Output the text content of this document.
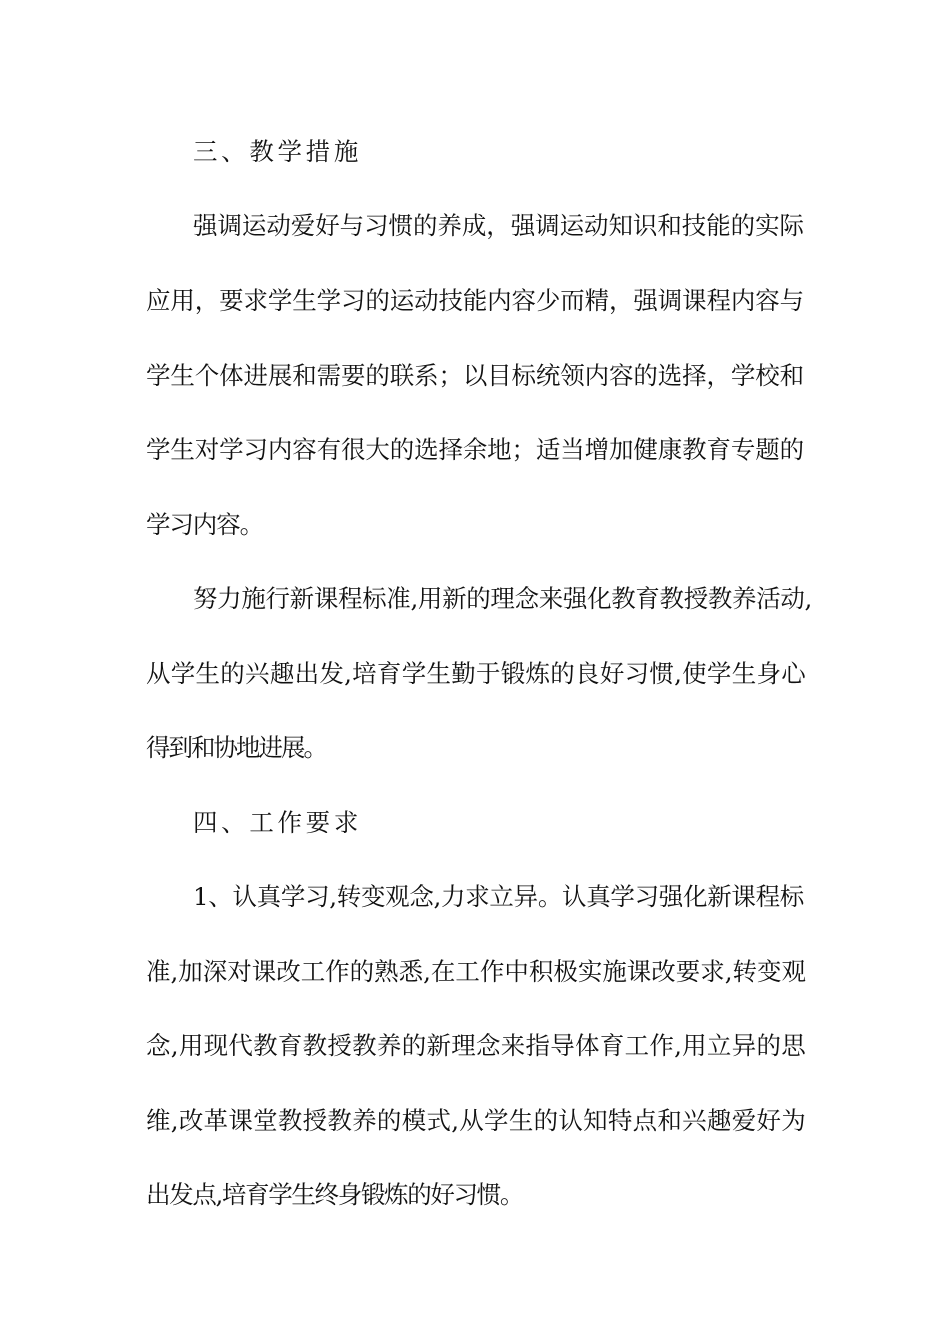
三、教学措施
强调运动爱好与习惯的养成，强调运动知识和技能的实际
应用，要求学生学习的运动技能内容少而精，强调课程内容与
学生个体进展和需要的联系；以目标统领内容的选择，学校和
学生对学习内容有很大的选择余地；适当增加健康教育专题的
学习内容。
努力施行新课程标准,用新的理念来强化教育教授教养活动,
从学生的兴趣出发,培育学生勤于锻炼的良好习惯,使学生身心
得到和协地进展。
四、工作要求
1、认真学习,转变观念,力求立异。认真学习强化新课程标
准,加深对课改工作的熟悉,在工作中积极实施课改要求,转变观
念,用现代教育教授教养的新理念来指导体育工作,用立异的思
维,改革课堂教授教养的模式,从学生的认知特点和兴趣爱好为
出发点,培育学生终身锻炼的好习惯。
